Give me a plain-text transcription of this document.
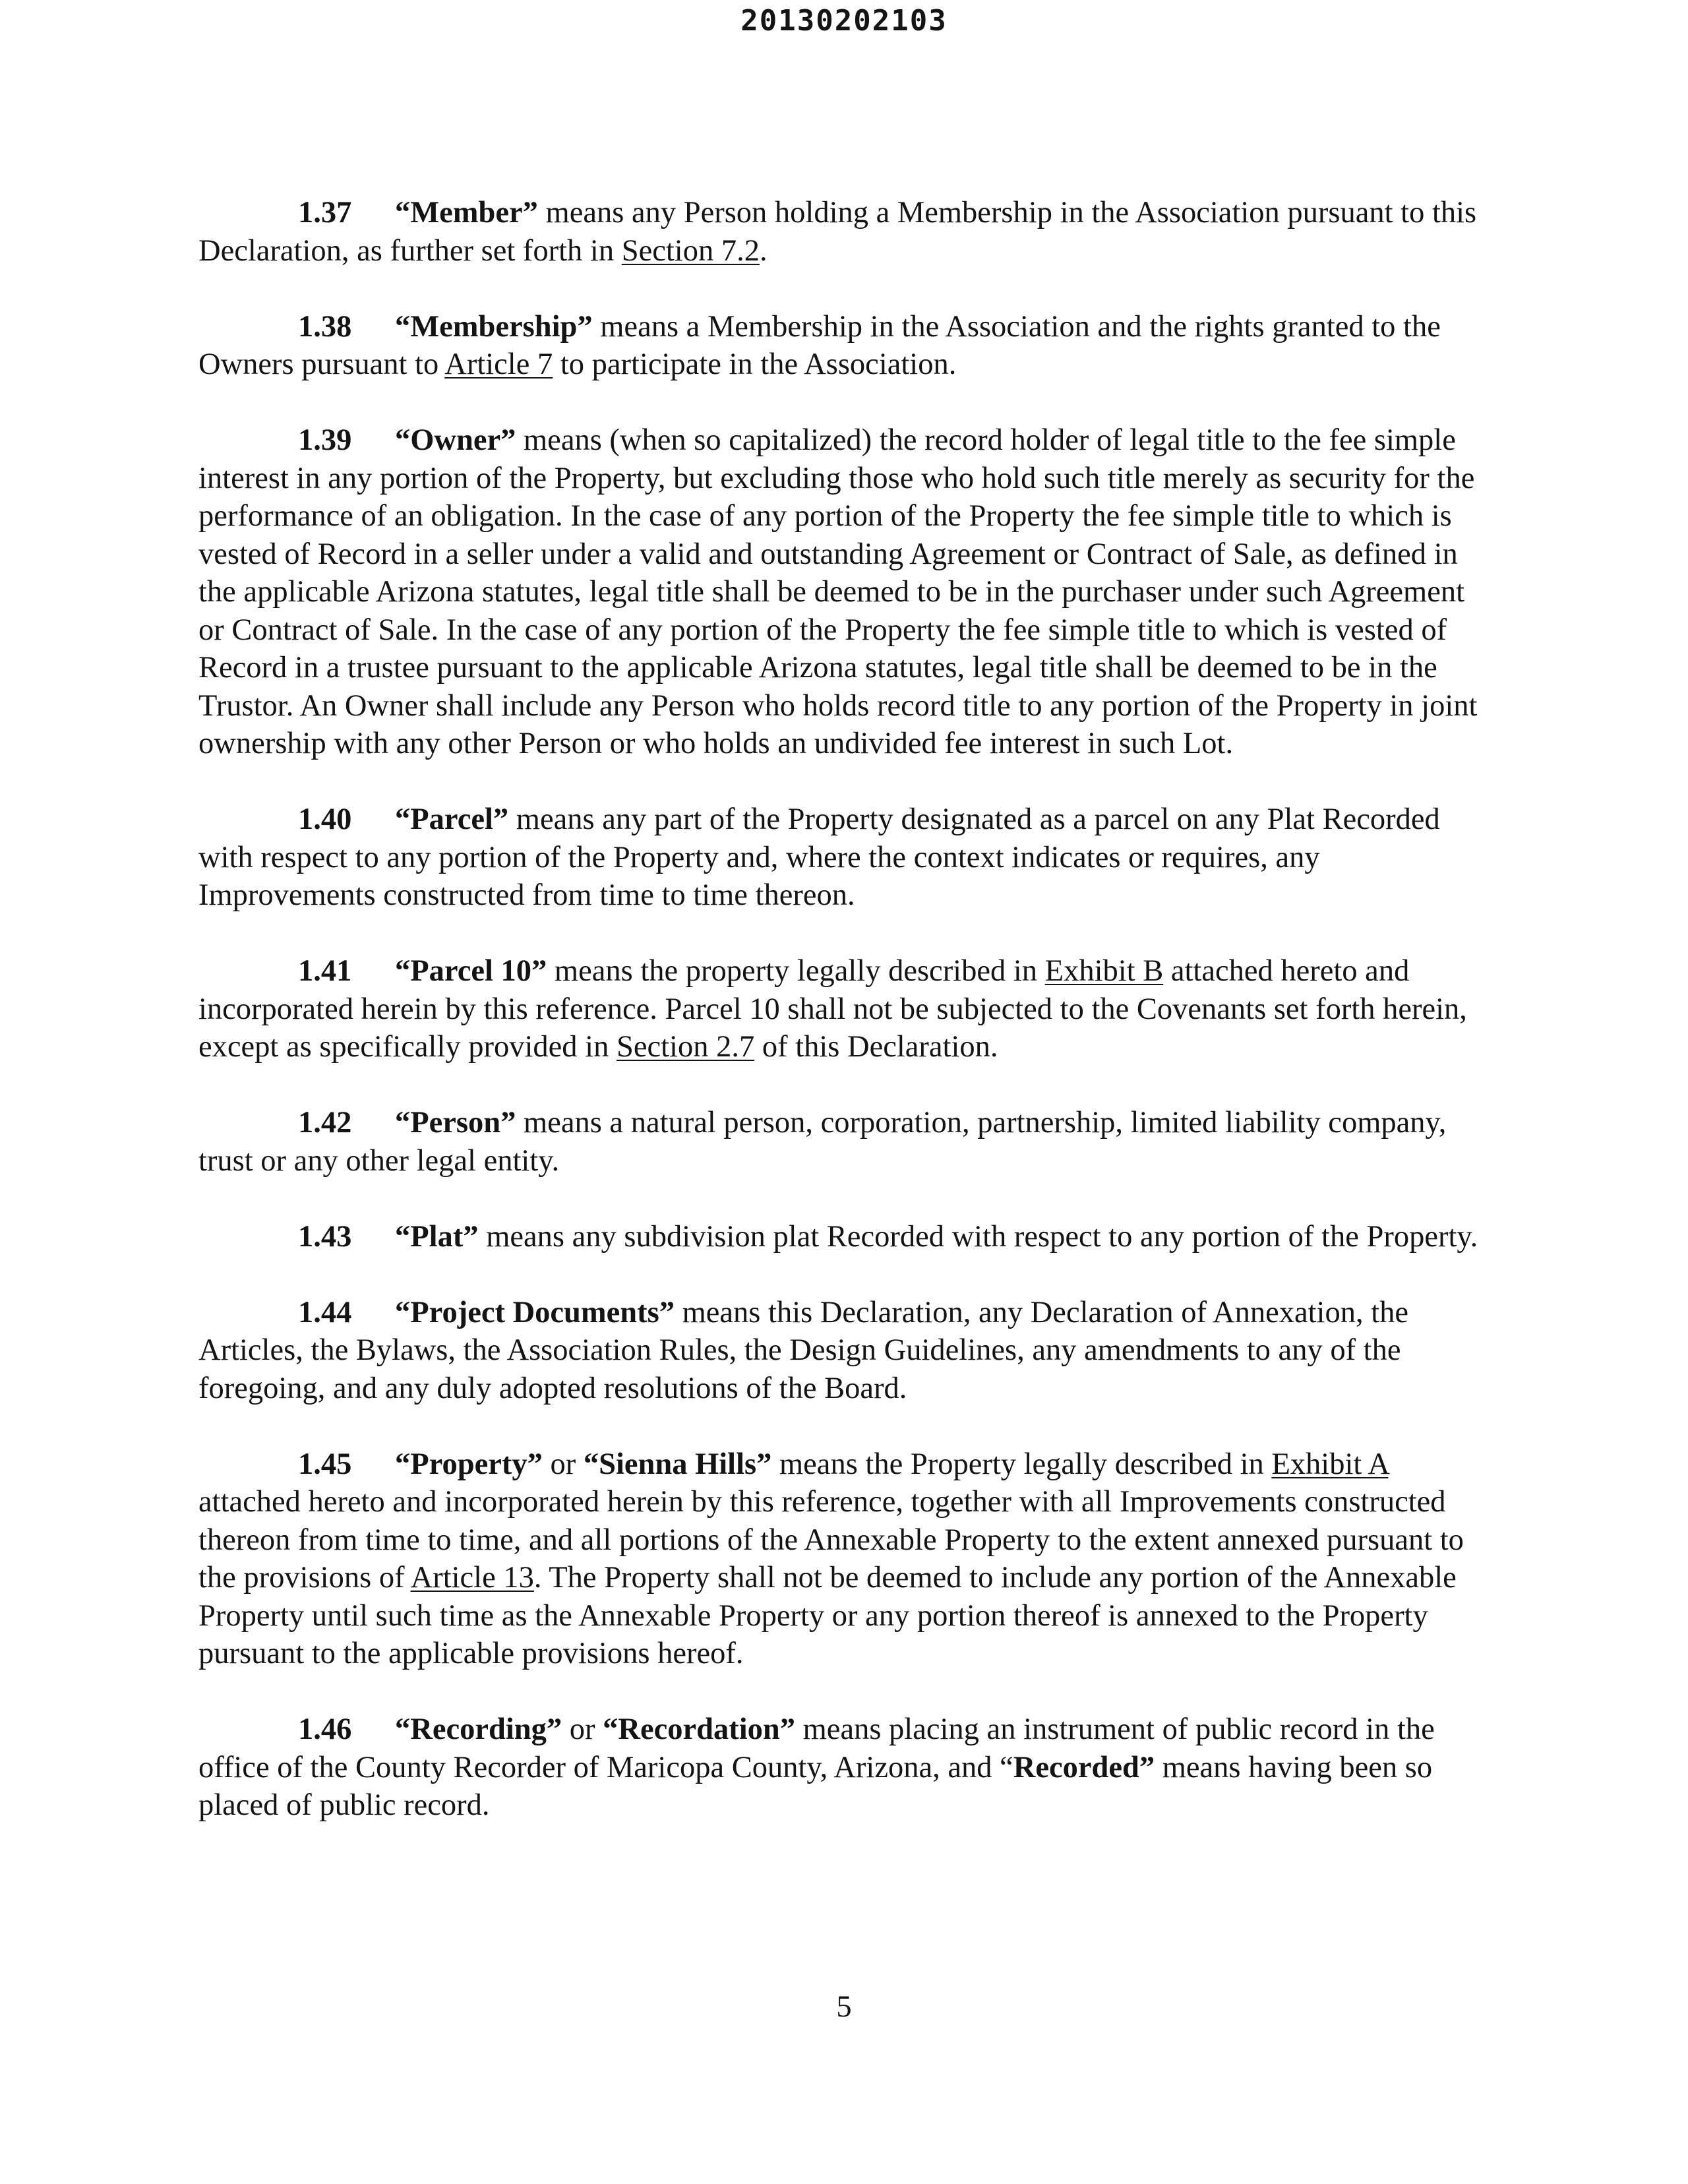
20130202103

1.37 “Member” means any Person holding a Membership in the Association pursuant to this Declaration, as further set forth in Section 7.2.

1.38 “Membership” means a Membership in the Association and the rights granted to the Owners pursuant to Article 7 to participate in the Association.

1.39 “Owner” means (when so capitalized) the record holder of legal title to the fee simple interest in any portion of the Property, but excluding those who hold such title merely as security for the performance of an obligation. In the case of any portion of the Property the fee simple title to which is vested of Record in a seller under a valid and outstanding Agreement or Contract of Sale, as defined in the applicable Arizona statutes, legal title shall be deemed to be in the purchaser under such Agreement or Contract of Sale. In the case of any portion of the Property the fee simple title to which is vested of Record in a trustee pursuant to the applicable Arizona statutes, legal title shall be deemed to be in the Trustor. An Owner shall include any Person who holds record title to any portion of the Property in joint ownership with any other Person or who holds an undivided fee interest in such Lot.

1.40 “Parcel” means any part of the Property designated as a parcel on any Plat Recorded with respect to any portion of the Property and, where the context indicates or requires, any Improvements constructed from time to time thereon.

1.41 “Parcel 10” means the property legally described in Exhibit B attached hereto and incorporated herein by this reference. Parcel 10 shall not be subjected to the Covenants set forth herein, except as specifically provided in Section 2.7 of this Declaration.

1.42 “Person” means a natural person, corporation, partnership, limited liability company, trust or any other legal entity.

1.43 “Plat” means any subdivision plat Recorded with respect to any portion of the Property.

1.44 “Project Documents” means this Declaration, any Declaration of Annexation, the Articles, the Bylaws, the Association Rules, the Design Guidelines, any amendments to any of the foregoing, and any duly adopted resolutions of the Board.

1.45 “Property” or “Sienna Hills” means the Property legally described in Exhibit A attached hereto and incorporated herein by this reference, together with all Improvements constructed thereon from time to time, and all portions of the Annexable Property to the extent annexed pursuant to the provisions of Article 13. The Property shall not be deemed to include any portion of the Annexable Property until such time as the Annexable Property or any portion thereof is annexed to the Property pursuant to the applicable provisions hereof.

1.46 “Recording” or “Recordation” means placing an instrument of public record in the office of the County Recorder of Maricopa County, Arizona, and “Recorded” means having been so placed of public record.

5
